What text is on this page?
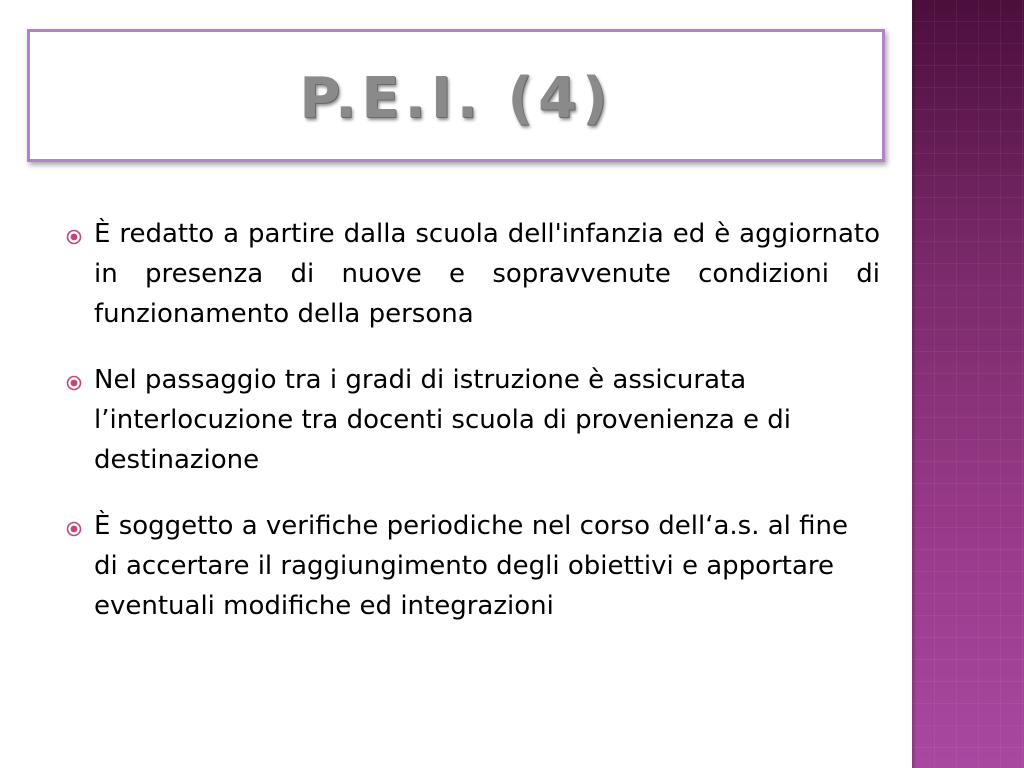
P.E.I. (4)
È redatto a partire dalla scuola dell'infanzia ed è aggiornato in presenza di nuove e sopravvenute condizioni di funzionamento della persona
Nel passaggio tra i gradi di istruzione è assicurata l’interlocuzione tra docenti scuola di provenienza e di destinazione
È soggetto a verifiche periodiche nel corso dell‘a.s. al fine di accertare il raggiungimento degli obiettivi e apportare eventuali modifiche ed integrazioni
